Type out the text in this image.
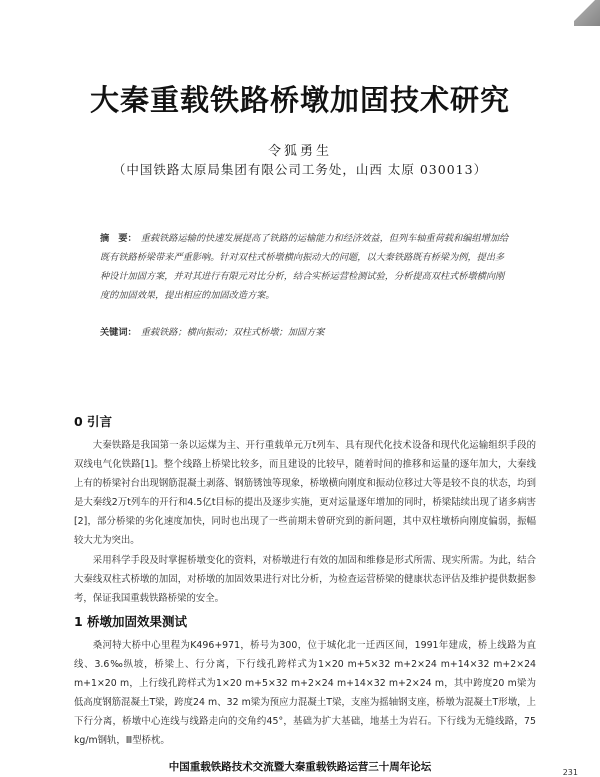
大秦重载铁路桥墩加固技术研究
令狐勇生
（中国铁路太原局集团有限公司工务处，山西 太原 030013）
摘　要： 重载铁路运输的快速发展提高了铁路的运输能力和经济效益，但列车轴重荷载和编组增加给既有铁路桥梁带来严重影响。针对双柱式桥墩横向振动大的问题，以大秦铁路既有桥梁为例，提出多种设计加固方案，并对其进行有限元对比分析，结合实桥运营检测试验，分析提高双柱式桥墩横向刚度的加固效果，提出相应的加固改造方案。
关键词： 重载铁路；横向振动；双柱式桥墩；加固方案
0 引言

大秦铁路是我国第一条以运煤为主、开行重载单元万t列车、具有现代化技术设备和现代化运输组织手段的双线电气化铁路[1]。整个线路上桥梁比较多，而且建设的比较早，随着时间的推移和运量的逐年加大，大秦线上有的桥梁衬台出现钢筋混凝土剥落、钢筋锈蚀等现象，桥墩横向刚度和振动位移过大等是较不良的状态，均到是大秦线2万t列车的开行和4.5亿t目标的提出及逐步实施，更对运量逐年增加的同时，桥梁陆续出现了诸多病害[2]，部分桥梁的劣化速度加快，同时也出现了一些前期未曾研究到的新问题，其中双柱墩桥向刚度偏弱，振幅较大尤为突出。

采用科学手段及时掌握桥墩变化的资料，对桥墩进行有效的加固和维修是形式所需、现实所需。为此，结合大秦线双柱式桥墩的加固，对桥墩的加固效果进行对比分析，为检查运营桥梁的健康状态评估及维护提供数据参考，保证我国重载铁路桥梁的安全。

1 桥墩加固效果测试

桑河特大桥中心里程为K496+971，桥号为300，位于城化北一迁西区间，1991年建成，桥上线路为直线、3.6‰纵坡，桥梁上、行分离，下行线孔跨样式为1×20 m+5×32 m+2×24 m+14×32 m+2×24 m+1×20 m，上行线孔跨样式为1×20 m+5×32 m+2×24 m+14×32 m+2×24 m，其中跨度20 m梁为低高度钢筋混凝土T梁，跨度24 m、32 m梁为预应力混凝土T梁，支座为摇轴钢支座，桥墩为混凝土T形墩，上下行分离，桥墩中心连线与线路走向的交角约45°，基础为扩大基础，地基土为岩石。下行线为无缝线路，75 kg/m钢轨，Ⅲ型桥枕。

中国重载铁路技术交流暨大秦重载铁路运营三十周年论坛	231
